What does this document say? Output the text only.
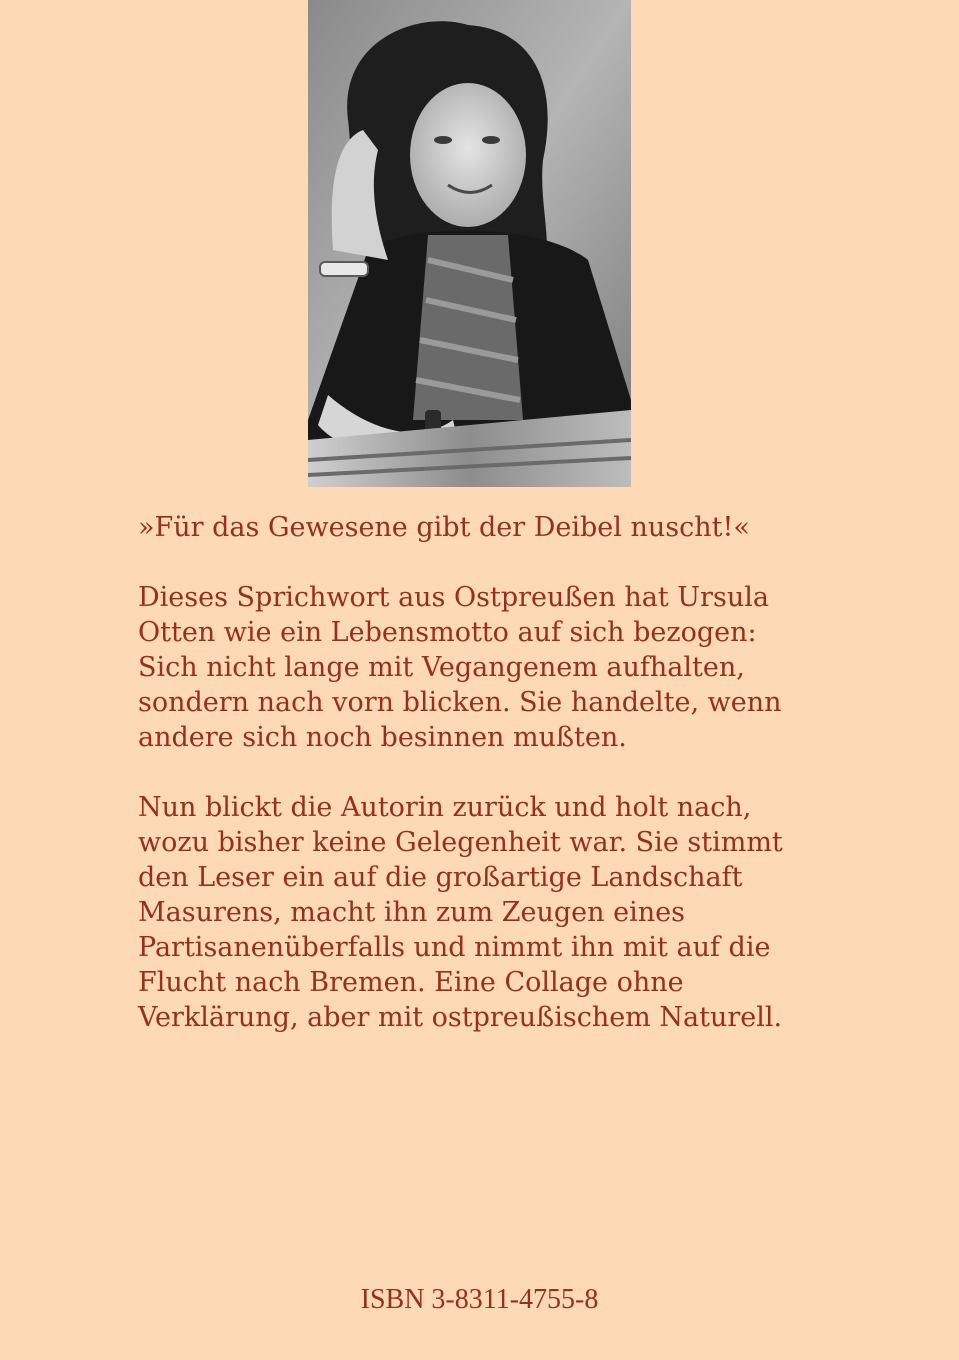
»Für das Gewesene gibt der Deibel nuscht!«

Dieses Sprichwort aus Ostpreußen hat Ursula
Otten wie ein Lebensmotto auf sich bezogen:
Sich nicht lange mit Vegangenem aufhalten,
sondern nach vorn blicken. Sie handelte, wenn
andere sich noch besinnen mußten.

Nun blickt die Autorin zurück und holt nach,
wozu bisher keine Gelegenheit war. Sie stimmt
den Leser ein auf die großartige Landschaft
Masurens, macht ihn zum Zeugen eines
Partisanenüberfalls und nimmt ihn mit auf die
Flucht nach Bremen. Eine Collage ohne
Verklärung, aber mit ostpreußischem Naturell.

ISBN 3-8311-4755-8
